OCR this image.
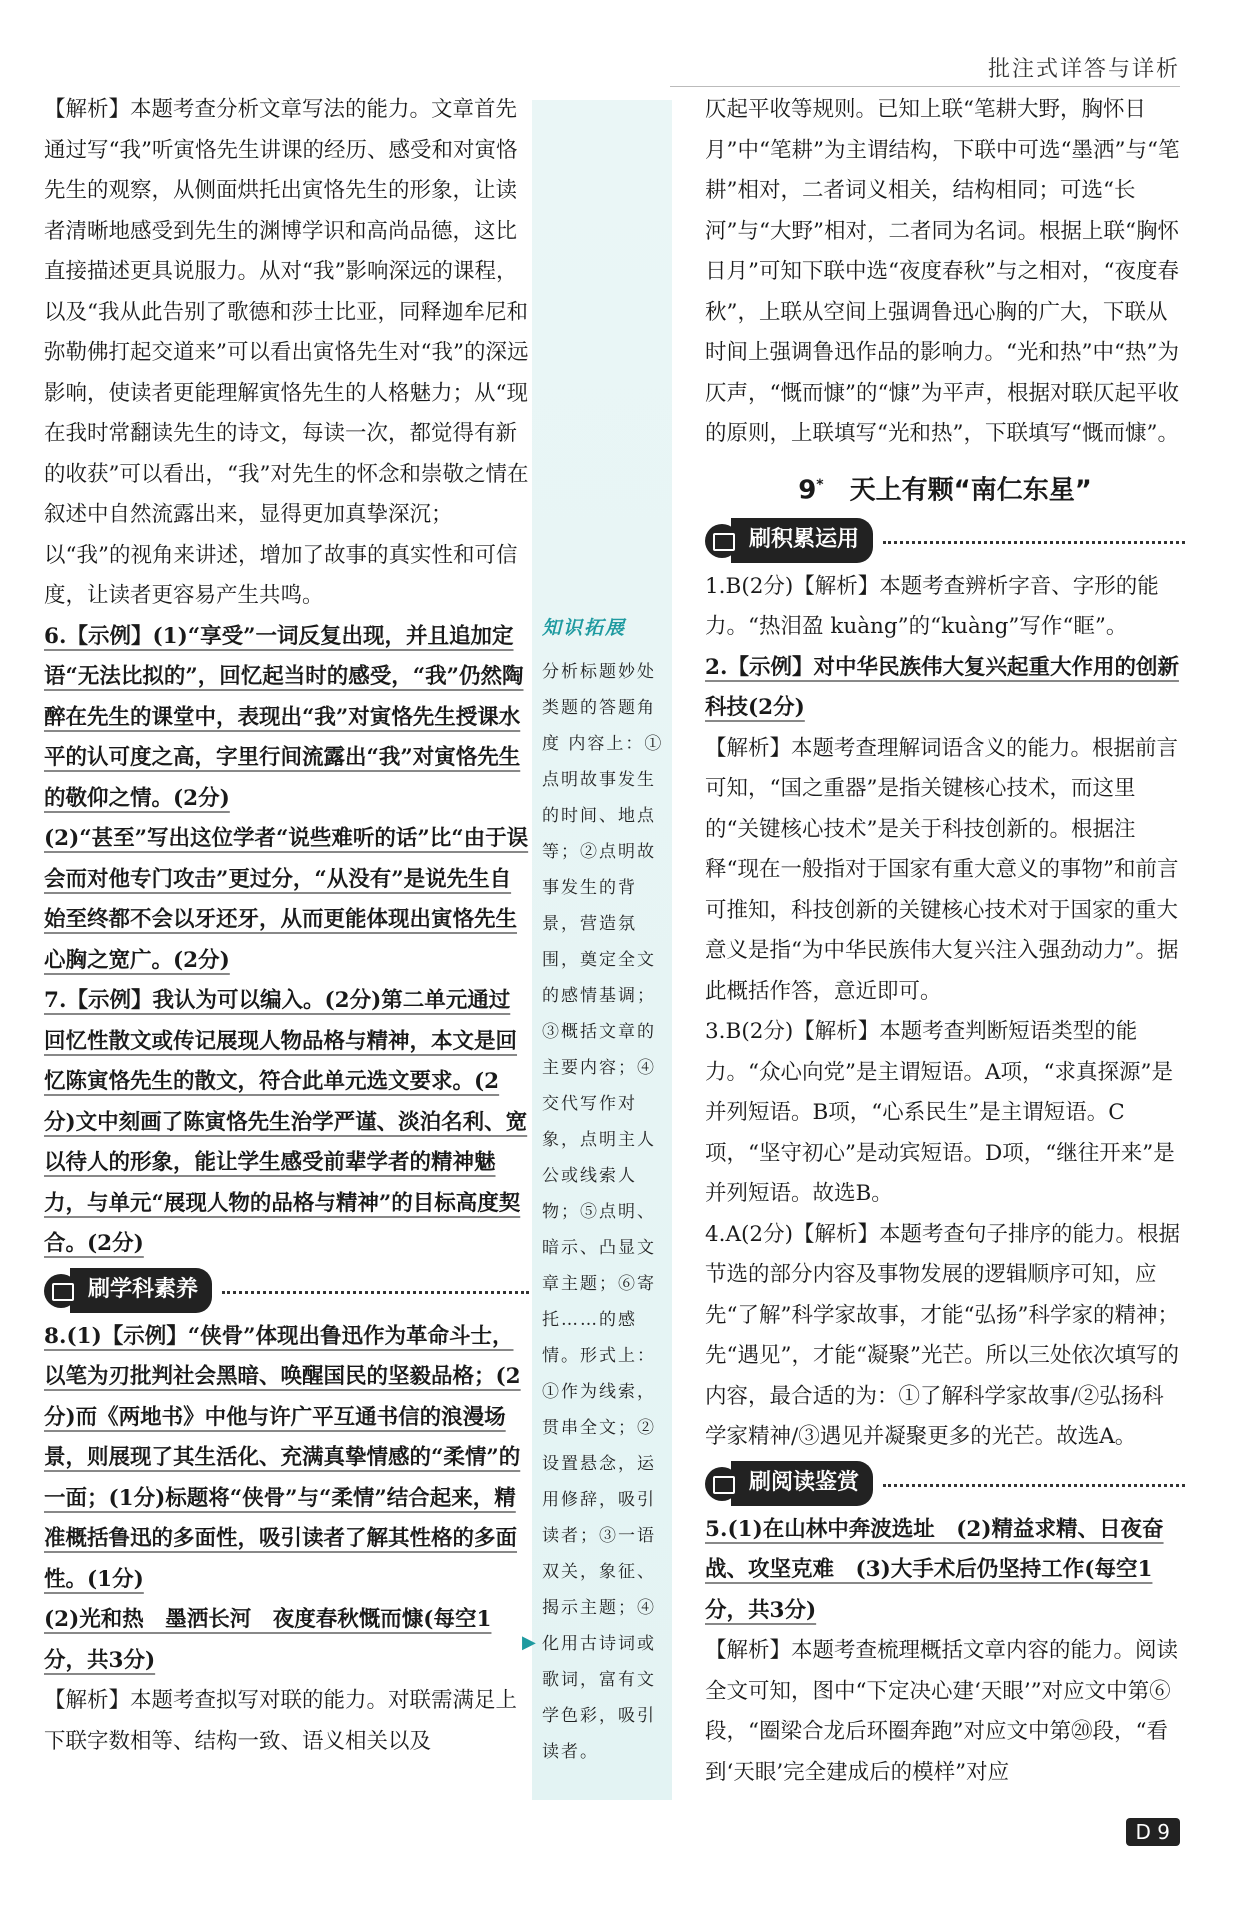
批注式详答与详析
知识拓展

分析标题妙处类题的答题角度 内容上：①点明故事发生的时间、地点等；②点明故事发生的背景，营造氛围，奠定全文的感情基调；③概括文章的主要内容；④交代写作对象，点明主人公或线索人物；⑤点明、暗示、凸显文章主题；⑥寄托……的感情。形式上：①作为线索，贯串全文；②设置悬念，运用修辞，吸引读者；③一语双关，象征、揭示主题；④化用古诗词或歌词，富有文学色彩，吸引读者。

▶

【解析】本题考查分析文章写法的能力。文章首先通过写“我”听寅恪先生讲课的经历、感受和对寅恪先生的观察，从侧面烘托出寅恪先生的形象，让读者清晰地感受到先生的渊博学识和高尚品德，这比直接描述更具说服力。从对“我”影响深远的课程，以及“我从此告别了歌德和莎士比亚，同释迦牟尼和弥勒佛打起交道来”可以看出寅恪先生对“我”的深远影响，使读者更能理解寅恪先生的人格魅力；从“现在我时常翻读先生的诗文，每读一次，都觉得有新的收获”可以看出，“我”对先生的怀念和崇敬之情在叙述中自然流露出来，显得更加真挚深沉；以“我”的视角来讲述，增加了故事的真实性和可信度，让读者更容易产生共鸣。

6.【示例】(1)“享受”一词反复出现，并且追加定语“无法比拟的”，回忆起当时的感受，“我”仍然陶醉在先生的课堂中，表现出“我”对寅恪先生授课水平的认可度之高，字里行间流露出“我”对寅恪先生的敬仰之情。(2分)

(2)“甚至”写出这位学者“说些难听的话”比“由于误会而对他专门攻击”更过分，“从没有”是说先生自始至终都不会以牙还牙，从而更能体现出寅恪先生心胸之宽广。(2分)

7.【示例】我认为可以编入。(2分)第二单元通过回忆性散文或传记展现人物品格与精神，本文是回忆陈寅恪先生的散文，符合此单元选文要求。(2分)文中刻画了陈寅恪先生治学严谨、淡泊名利、宽以待人的形象，能让学生感受前辈学者的精神魅力，与单元“展现人物的品格与精神”的目标高度契合。(2分)

刷学科素养

8.(1)【示例】“侠骨”体现出鲁迅作为革命斗士，以笔为刃批判社会黑暗、唤醒国民的坚毅品格；(2分)而《两地书》中他与许广平互通书信的浪漫场景，则展现了其生活化、充满真挚情感的“柔情”的一面；(1分)标题将“侠骨”与“柔情”结合起来，精准概括鲁迅的多面性，吸引读者了解其性格的多面性。(1分)

(2)光和热　墨洒长河　夜度春秋慨而慷(每空1分，共3分)

【解析】本题考查拟写对联的能力。对联需满足上下联字数相等、结构一致、语义相关以及

仄起平收等规则。已知上联“笔耕大野，胸怀日月”中“笔耕”为主谓结构，下联中可选“墨洒”与“笔耕”相对，二者词义相关，结构相同；可选“长河”与“大野”相对，二者同为名词。根据上联“胸怀日月”可知下联中选“夜度春秋”与之相对，“夜度春秋”，上联从空间上强调鲁迅心胸的广大，下联从时间上强调鲁迅作品的影响力。“光和热”中“热”为仄声，“慨而慷”的“慷”为平声，根据对联仄起平收的原则，上联填写“光和热”，下联填写“慨而慷”。

9*　 天上有颗“南仁东星”
刷积累运用

1.B(2分)【解析】本题考查辨析字音、字形的能力。“热泪盈 kuàng”的“kuàng”写作“眶”。

2.【示例】对中华民族伟大复兴起重大作用的创新科技(2分)

【解析】本题考查理解词语含义的能力。根据前言可知，“国之重器”是指关键核心技术，而这里的“关键核心技术”是关于科技创新的。根据注释“现在一般指对于国家有重大意义的事物”和前言可推知，科技创新的关键核心技术对于国家的重大意义是指“为中华民族伟大复兴注入强劲动力”。据此概括作答，意近即可。

3.B(2分)【解析】本题考查判断短语类型的能力。“众心向党”是主谓短语。A项，“求真探源”是并列短语。B项，“心系民生”是主谓短语。C项，“坚守初心”是动宾短语。D项，“继往开来”是并列短语。故选B。

4.A(2分)【解析】本题考查句子排序的能力。根据节选的部分内容及事物发展的逻辑顺序可知，应先“了解”科学家故事，才能“弘扬”科学家的精神；先“遇见”，才能“凝聚”光芒。所以三处依次填写的内容，最合适的为：①了解科学家故事/②弘扬科学家精神/③遇见并凝聚更多的光芒。故选A。

刷阅读鉴赏

5.(1)在山林中奔波选址　(2)精益求精、日夜奋战、攻坚克难　(3)大手术后仍坚持工作(每空1分，共3分)

【解析】本题考查梳理概括文章内容的能力。阅读全文可知，图中“下定决心建‘天眼’”对应文中第⑥段，“圈梁合龙后环圈奔跑”对应文中第⑳段，“看到‘天眼’完全建成后的模样”对应

D 9
